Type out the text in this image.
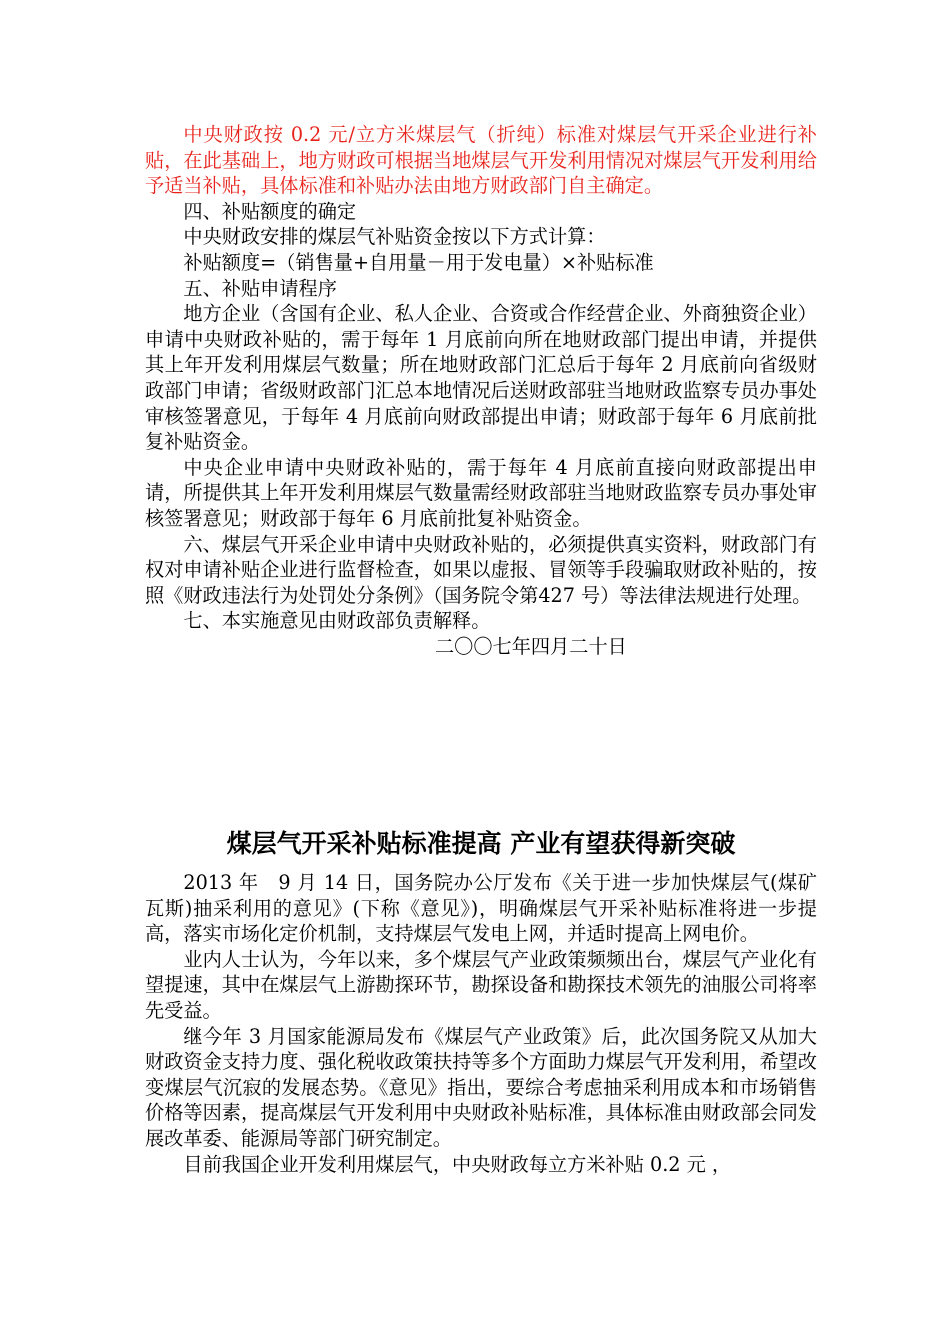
中央财政按 0.2 元/立方米煤层气（折纯）标准对煤层气开采企业进行补贴，在此基础上，地方财政可根据当地煤层气开发利用情况对煤层气开发利用给予适当补贴，具体标准和补贴办法由地方财政部门自主确定。

四、补贴额度的确定

中央财政安排的煤层气补贴资金按以下方式计算：

补贴额度=（销售量+自用量－用于发电量）×补贴标准

五、补贴申请程序

地方企业（含国有企业、私人企业、合资或合作经营企业、外商独资企业）申请中央财政补贴的，需于每年 1 月底前向所在地财政部门提出申请，并提供其上年开发利用煤层气数量；所在地财政部门汇总后于每年 2 月底前向省级财政部门申请；省级财政部门汇总本地情况后送财政部驻当地财政监察专员办事处审核签署意见，于每年 4 月底前向财政部提出申请；财政部于每年 6 月底前批复补贴资金。

中央企业申请中央财政补贴的，需于每年 4 月底前直接向财政部提出申请，所提供其上年开发利用煤层气数量需经财政部驻当地财政监察专员办事处审核签署意见；财政部于每年 6 月底前批复补贴资金。

六、煤层气开采企业申请中央财政补贴的，必须提供真实资料，财政部门有权对申请补贴企业进行监督检查，如果以虚报、冒领等手段骗取财政补贴的，按照《财政违法行为处罚处分条例》（国务院令第427 号）等法律法规进行处理。

七、本实施意见由财政部负责解释。

二〇〇七年四月二十日

煤层气开采补贴标准提高 产业有望获得新突破

2013 年　9 月 14 日，国务院办公厅发布《关于进一步加快煤层气(煤矿瓦斯)抽采利用的意见》(下称《意见》)，明确煤层气开采补贴标准将进一步提高，落实市场化定价机制，支持煤层气发电上网，并适时提高上网电价。

业内人士认为，今年以来，多个煤层气产业政策频频出台，煤层气产业化有望提速，其中在煤层气上游勘探环节，勘探设备和勘探技术领先的油服公司将率先受益。

继今年 3 月国家能源局发布《煤层气产业政策》后，此次国务院又从加大财政资金支持力度、强化税收政策扶持等多个方面助力煤层气开发利用，希望改变煤层气沉寂的发展态势。《意见》指出，要综合考虑抽采利用成本和市场销售价格等因素，提高煤层气开发利用中央财政补贴标准，具体标准由财政部会同发展改革委、能源局等部门研究制定。

目前我国企业开发利用煤层气，中央财政每立方米补贴 0.2 元 ，
